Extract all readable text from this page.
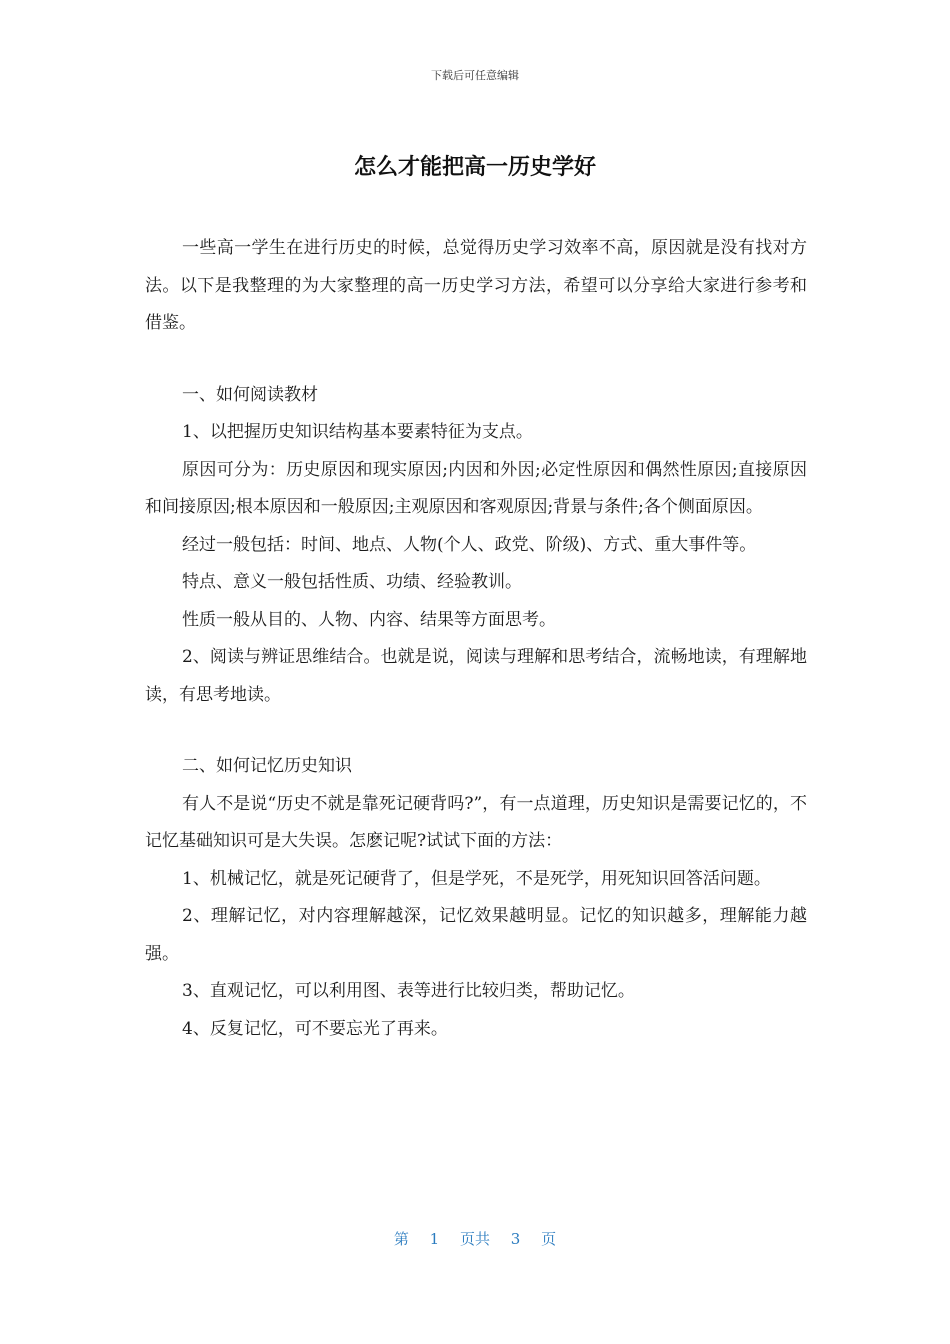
下载后可任意编辑
怎么才能把高一历史学好

一些高一学生在进行历史的时候，总觉得历史学习效率不高，原因就是没有找对方法。以下是我整理的为大家整理的高一历史学习方法，希望可以分享给大家进行参考和借鉴。

一、如何阅读教材

1、以把握历史知识结构基本要素特征为支点。

原因可分为：历史原因和现实原因;内因和外因;必定性原因和偶然性原因;直接原因和间接原因;根本原因和一般原因;主观原因和客观原因;背景与条件;各个侧面原因。

经过一般包括：时间、地点、人物(个人、政党、阶级)、方式、重大事件等。

特点、意义一般包括性质、功绩、经验教训。

性质一般从目的、人物、内容、结果等方面思考。

2、阅读与辨证思维结合。也就是说，阅读与理解和思考结合，流畅地读，有理解地读，有思考地读。

二、如何记忆历史知识

有人不是说“历史不就是靠死记硬背吗?”，有一点道理，历史知识是需要记忆的，不记忆基础知识可是大失误。怎麽记呢?试试下面的方法：

1、机械记忆，就是死记硬背了，但是学死，不是死学，用死知识回答活问题。

2、理解记忆，对内容理解越深，记忆效果越明显。记忆的知识越多，理解能力越强。

3、直观记忆，可以利用图、表等进行比较归类，帮助记忆。

4、反复记忆，可不要忘光了再来。

第 1 页共 3 页
